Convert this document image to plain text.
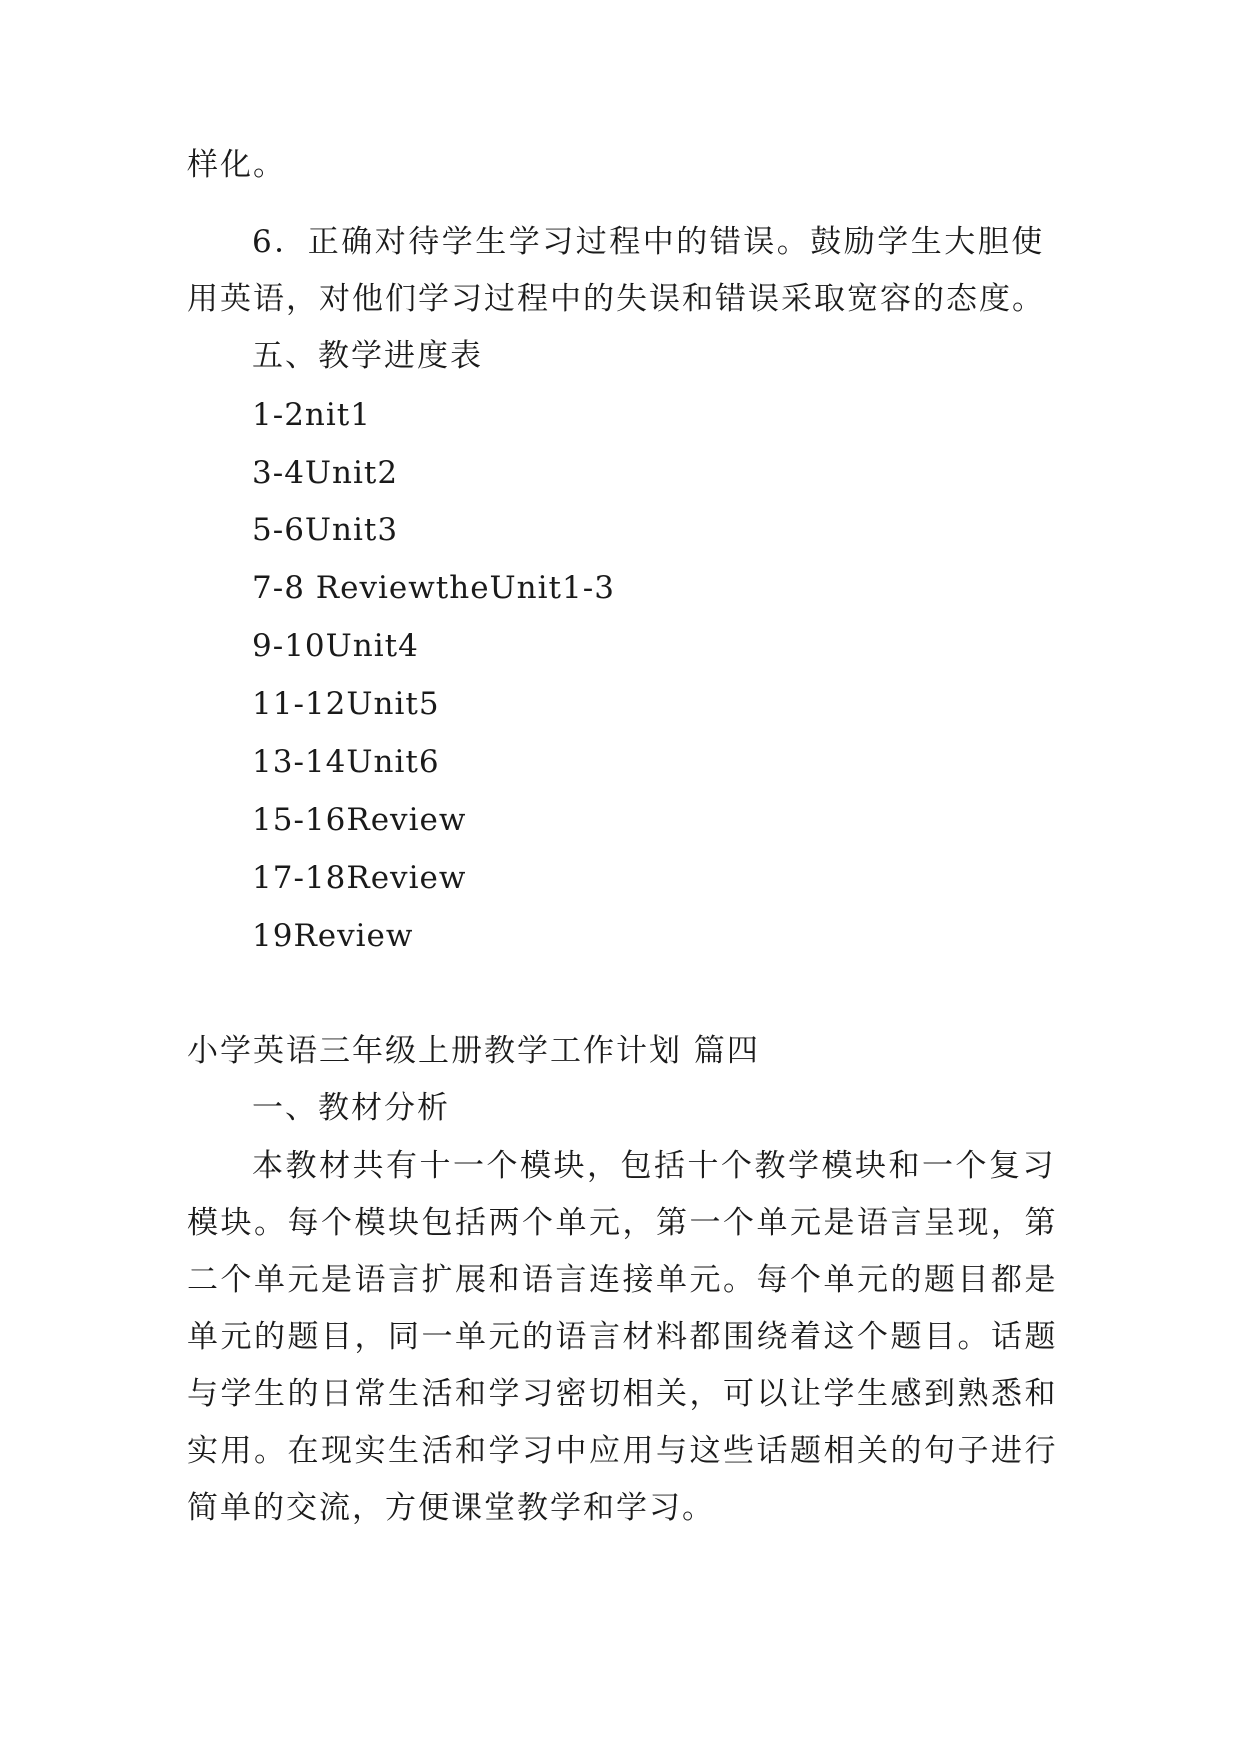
样化。
6．正确对待学生学习过程中的错误。鼓励学生大胆使
用英语，对他们学习过程中的失误和错误采取宽容的态度。
五、教学进度表
1-2nit1
3-4Unit2
5-6Unit3
7-8 ReviewtheUnit1-3
9-10Unit4
11-12Unit5
13-14Unit6
15-16Review
17-18Review
19Review
小学英语三年级上册教学工作计划 篇四
一、教材分析
本教材共有十一个模块，包括十个教学模块和一个复习
模块。每个模块包括两个单元，第一个单元是语言呈现，第
二个单元是语言扩展和语言连接单元。每个单元的题目都是
单元的题目，同一单元的语言材料都围绕着这个题目。话题
与学生的日常生活和学习密切相关，可以让学生感到熟悉和
实用。在现实生活和学习中应用与这些话题相关的句子进行
简单的交流，方便课堂教学和学习。
